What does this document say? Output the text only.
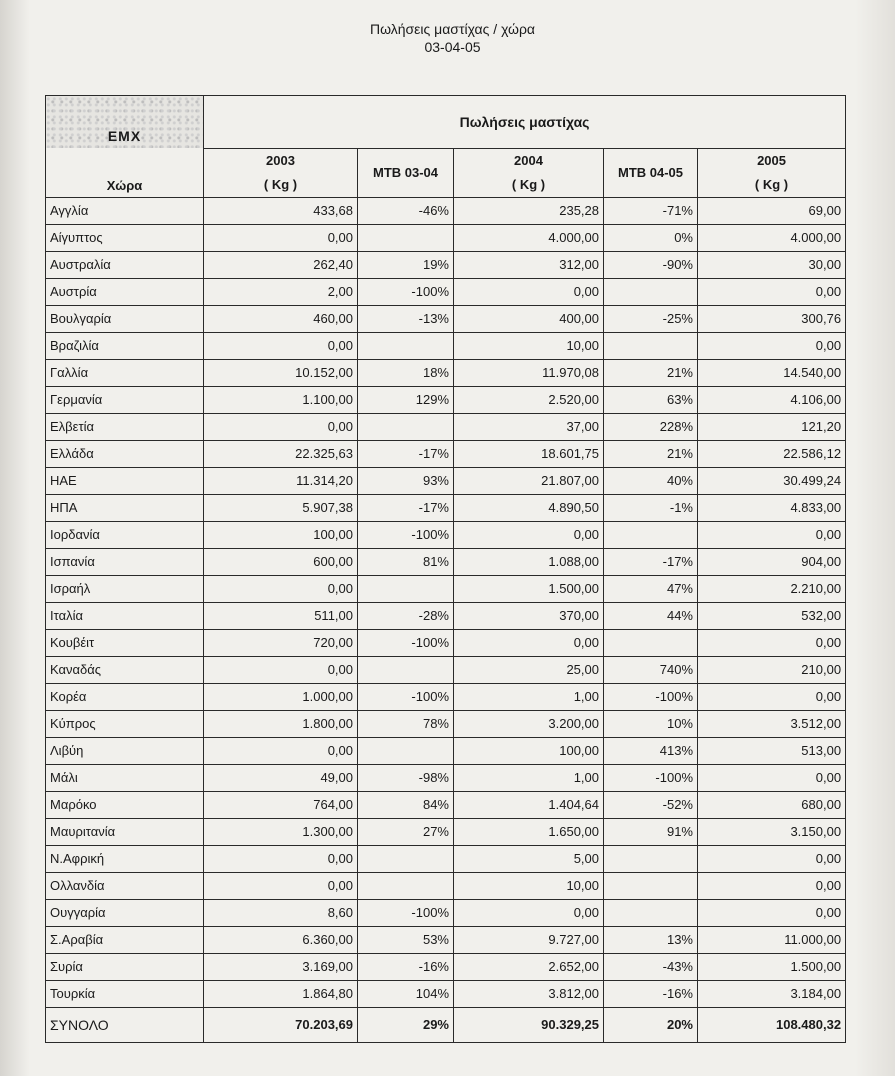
Πωλήσεις μαστίχας / χώρα
03-04-05
ΕΜΧ	Πωλήσεις μαστίχας				
Χώρα	2003	MTB 03-04	2004	MTB 04-05	2005
	( Kg )		( Kg )		( Kg )
Αγγλία	433,68	-46%	235,28	-71%	69,00
Αίγυπτος	0,00		4.000,00	0%	4.000,00
Αυστραλία	262,40	19%	312,00	-90%	30,00
Αυστρία	2,00	-100%	0,00		0,00
Βουλγαρία	460,00	-13%	400,00	-25%	300,76
Βραζιλία	0,00		10,00		0,00
Γαλλία	10.152,00	18%	11.970,08	21%	14.540,00
Γερμανία	1.100,00	129%	2.520,00	63%	4.106,00
Ελβετία	0,00		37,00	228%	121,20
Ελλάδα	22.325,63	-17%	18.601,75	21%	22.586,12
ΗΑΕ	11.314,20	93%	21.807,00	40%	30.499,24
ΗΠΑ	5.907,38	-17%	4.890,50	-1%	4.833,00
Ιορδανία	100,00	-100%	0,00		0,00
Ισπανία	600,00	81%	1.088,00	-17%	904,00
Ισραήλ	0,00		1.500,00	47%	2.210,00
Ιταλία	511,00	-28%	370,00	44%	532,00
Κουβέιτ	720,00	-100%	0,00		0,00
Καναδάς	0,00		25,00	740%	210,00
Κορέα	1.000,00	-100%	1,00	-100%	0,00
Κύπρος	1.800,00	78%	3.200,00	10%	3.512,00
Λιβύη	0,00		100,00	413%	513,00
Μάλι	49,00	-98%	1,00	-100%	0,00
Μαρόκο	764,00	84%	1.404,64	-52%	680,00
Μαυριτανία	1.300,00	27%	1.650,00	91%	3.150,00
Ν.Αφρική	0,00		5,00		0,00
Ολλανδία	0,00		10,00		0,00
Ουγγαρία	8,60	-100%	0,00		0,00
Σ.Αραβία	6.360,00	53%	9.727,00	13%	11.000,00
Συρία	3.169,00	-16%	2.652,00	-43%	1.500,00
Τουρκία	1.864,80	104%	3.812,00	-16%	3.184,00
ΣΥΝΟΛΟ	70.203,69	29%	90.329,25	20%	108.480,32
